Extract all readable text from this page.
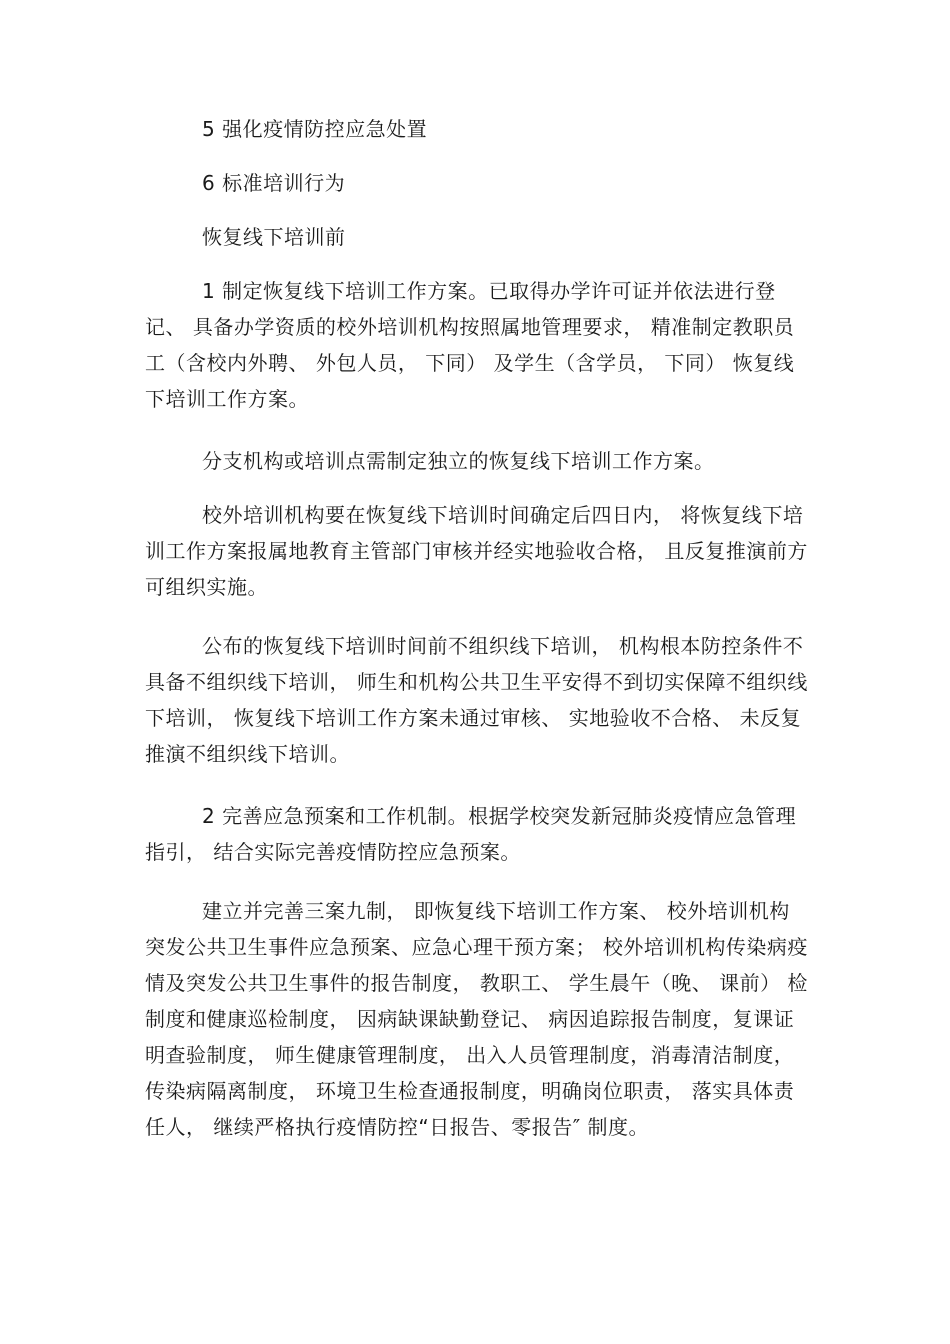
5 强化疫情防控应急处置

6 标准培训行为

恢复线下培训前

1 制定恢复线下培训工作方案。已取得办学许可证并依法进行登记、 具备办学资质的校外培训机构按照属地管理要求， 精准制定教职员工（含校内外聘、 外包人员， 下同） 及学生（含学员， 下同） 恢复线下培训工作方案。

分支机构或培训点需制定独立的恢复线下培训工作方案。

校外培训机构要在恢复线下培训时间确定后四日内， 将恢复线下培训工作方案报属地教育主管部门审核并经实地验收合格， 且反复推演前方可组织实施。

公布的恢复线下培训时间前不组织线下培训， 机构根本防控条件不具备不组织线下培训， 师生和机构公共卫生平安得不到切实保障不组织线下培训， 恢复线下培训工作方案未通过审核、 实地验收不合格、 未反复推演不组织线下培训。

2 完善应急预案和工作机制。根据学校突发新冠肺炎疫情应急管理指引， 结合实际完善疫情防控应急预案。

建立并完善三案九制， 即恢复线下培训工作方案、 校外培训机构突发公共卫生事件应急预案、应急心理干预方案； 校外培训机构传染病疫情及突发公共卫生事件的报告制度， 教职工、 学生晨午（晚、 课前） 检制度和健康巡检制度， 因病缺课缺勤登记、 病因追踪报告制度，复课证明查验制度， 师生健康管理制度， 出入人员管理制度，消毒清洁制度， 传染病隔离制度， 环境卫生检查通报制度，明确岗位职责， 落实具体责任人， 继续严格执行疫情防控“日报告、零报告″ 制度。
